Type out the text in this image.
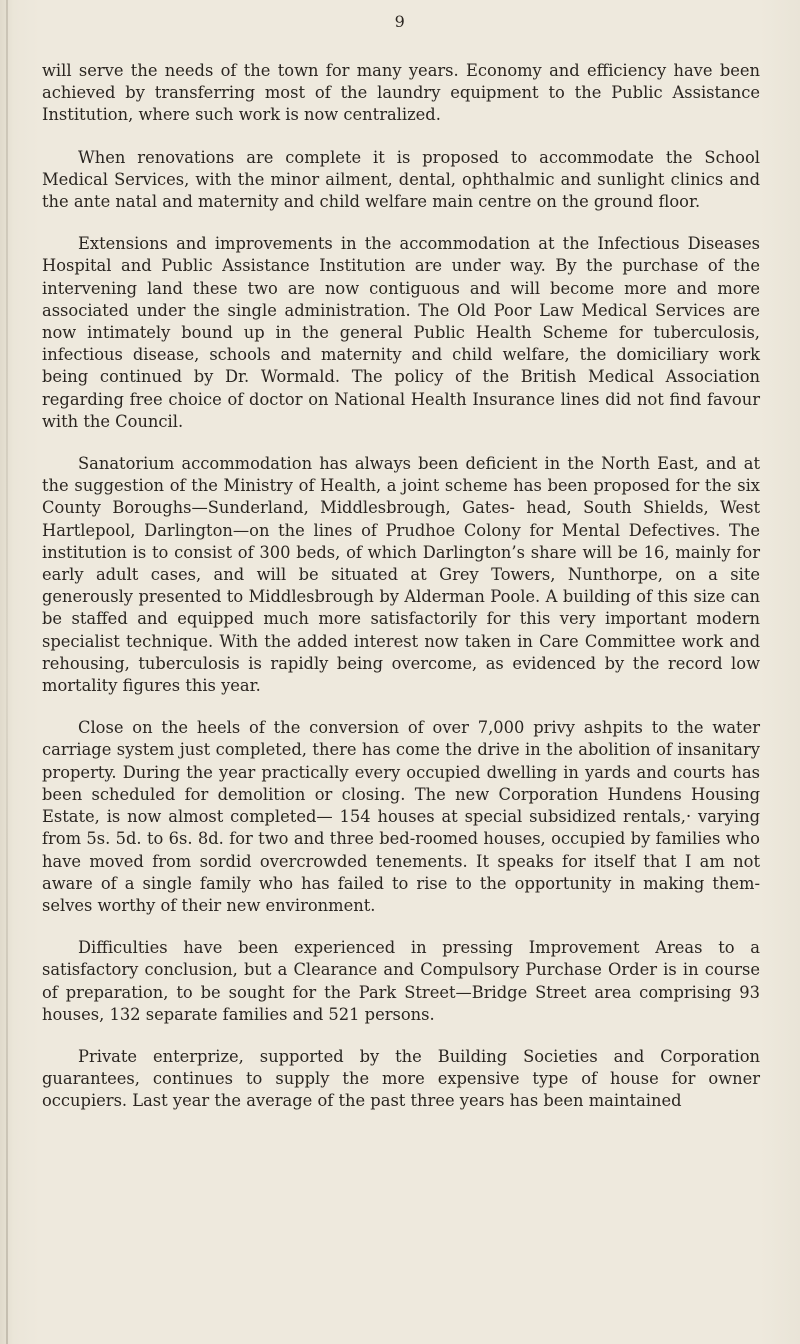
9

will serve the needs of the town for many years. Economy and efficiency have been achieved by transferring most of the laundry equipment to the Public Assistance Institution, where such work is now centralized.

When renovations are complete it is proposed to accommodate the School Medical Services, with the minor ailment, dental, ophthalmic and sunlight clinics and the ante natal and maternity and child welfare main centre on the ground floor.

Extensions and improvements in the accommodation at the Infectious Diseases Hospital and Public Assistance Institution are under way. By the purchase of the intervening land these two are now contiguous and will become more and more associated under the single administration. The Old Poor Law Medical Services are now intimately bound up in the general Public Health Scheme for tuberculosis, infectious disease, schools and maternity and child welfare, the domiciliary work being continued by Dr. Wormald. The policy of the British Medical Association regarding free choice of doctor on National Health Insurance lines did not find favour with the Council.

Sanatorium accommodation has always been deficient in the North East, and at the suggestion of the Ministry of Health, a joint scheme has been proposed for the six County Boroughs—Sunderland, Middlesbrough, Gates- head, South Shields, West Hartlepool, Darlington—on the lines of Prudhoe Colony for Mental Defectives. The institution is to consist of 300 beds, of which Darlington’s share will be 16, mainly for early adult cases, and will be situated at Grey Towers, Nunthorpe, on a site generously presented to Middlesbrough by Alderman Poole. A building of this size can be staffed and equipped much more satisfactorily for this very important modern specialist technique. With the added interest now taken in Care Committee work and rehousing, tuberculosis is rapidly being overcome, as evidenced by the record low mortality figures this year.

Close on the heels of the conversion of over 7,000 privy ashpits to the water carriage system just completed, there has come the drive in the abolition of insanitary property. During the year practically every occupied dwelling in yards and courts has been scheduled for demolition or closing. The new Corporation Hundens Housing Estate, is now almost completed— 154 houses at special subsidized rentals,· varying from 5s. 5d. to 6s. 8d. for two and three bed-roomed houses, occupied by families who have moved from sordid overcrowded tenements. It speaks for itself that I am not aware of a single family who has failed to rise to the opportunity in making them- selves worthy of their new environment.

Difficulties have been experienced in pressing Improvement Areas to a satisfactory conclusion, but a Clearance and Compulsory Purchase Order is in course of preparation, to be sought for the Park Street—Bridge Street area comprising 93 houses, 132 separate families and 521 persons.

Private enterprize, supported by the Building Societies and Corporation guarantees, continues to supply the more expensive type of house for owner occupiers. Last year the average of the past three years has been maintained
